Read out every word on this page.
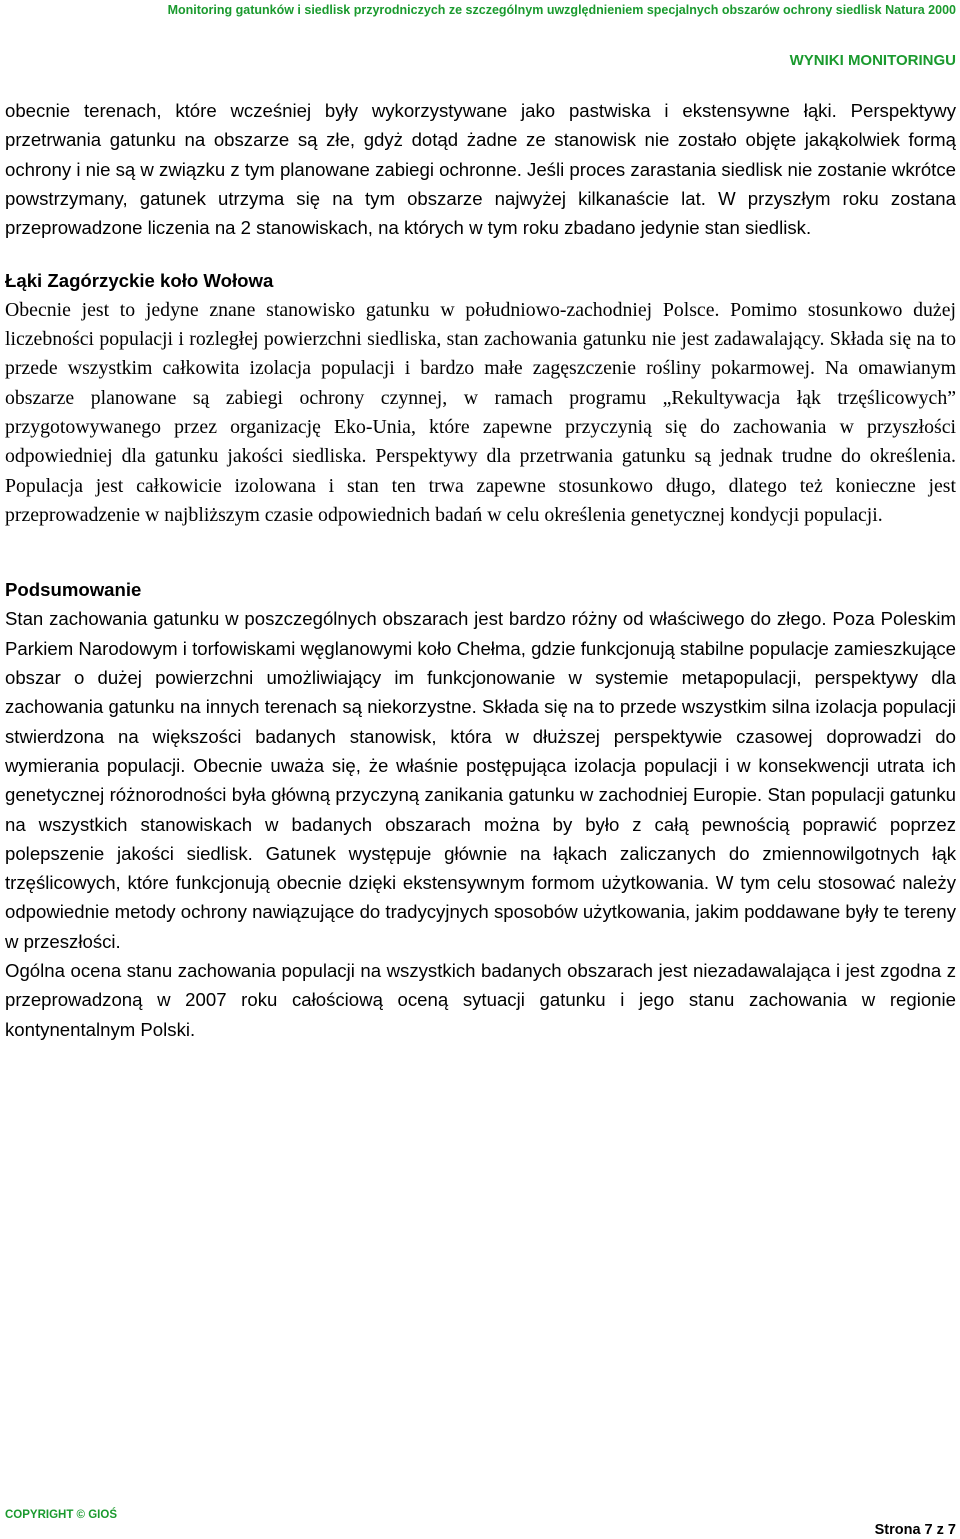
Monitoring gatunków i siedlisk przyrodniczych ze szczególnym uwzględnieniem specjalnych obszarów ochrony siedlisk Natura 2000
WYNIKI MONITORINGU

obecnie terenach, które wcześniej były wykorzystywane jako pastwiska i ekstensywne łąki. Perspektywy przetrwania gatunku na obszarze są złe, gdyż dotąd żadne ze stanowisk nie zostało objęte jakąkolwiek formą ochrony i nie są w związku z tym planowane zabiegi ochronne. Jeśli proces zarastania siedlisk nie zostanie wkrótce powstrzymany, gatunek utrzyma się na tym obszarze najwyżej kilkanaście lat. W przyszłym roku zostana przeprowadzone liczenia na 2 stanowiskach, na których w tym roku zbadano jedynie stan siedlisk.

Łąki Zagórzyckie koło Wołowa

Obecnie jest to jedyne znane stanowisko gatunku w południowo-zachodniej Polsce. Pomimo stosunkowo dużej liczebności populacji i rozległej powierzchni siedliska, stan zachowania gatunku nie jest zadawalający. Składa się na to przede wszystkim całkowita izolacja populacji i bardzo małe zagęszczenie rośliny pokarmowej. Na omawianym obszarze planowane są zabiegi ochrony czynnej, w ramach programu „Rekultywacja łąk trzęślicowych” przygotowywanego przez organizację Eko-Unia, które zapewne przyczynią się do zachowania w przyszłości odpowiedniej dla gatunku jakości siedliska. Perspektywy dla przetrwania gatunku są jednak trudne do określenia. Populacja jest całkowicie izolowana i stan ten trwa zapewne stosunkowo długo, dlatego też konieczne jest przeprowadzenie w najbliższym czasie odpowiednich badań w celu określenia genetycznej kondycji populacji.

Podsumowanie

Stan zachowania gatunku w poszczególnych obszarach jest bardzo różny od właściwego do złego. Poza Poleskim Parkiem Narodowym i torfowiskami węglanowymi koło Chełma, gdzie funkcjonują stabilne populacje zamieszkujące obszar o dużej powierzchni umożliwiający im funkcjonowanie w systemie metapopulacji, perspektywy dla zachowania gatunku na innych terenach są niekorzystne. Składa się na to przede wszystkim silna izolacja populacji stwierdzona na większości badanych stanowisk, która w dłuższej perspektywie czasowej doprowadzi do wymierania populacji. Obecnie uważa się, że właśnie postępująca izolacja populacji i w konsekwencji utrata ich genetycznej różnorodności była główną przyczyną zanikania gatunku w zachodniej Europie. Stan populacji gatunku na wszystkich stanowiskach w badanych obszarach można by było z całą pewnością poprawić poprzez polepszenie jakości siedlisk. Gatunek występuje głównie na łąkach zaliczanych do zmiennowilgotnych łąk trzęślicowych, które funkcjonują obecnie dzięki ekstensywnym formom użytkowania. W tym celu stosować należy odpowiednie metody ochrony nawiązujące do tradycyjnych sposobów użytkowania, jakim poddawane były te tereny w przeszłości.

Ogólna ocena stanu zachowania populacji na wszystkich badanych obszarach jest niezadawalająca i jest zgodna z przeprowadzoną w 2007 roku całościową oceną sytuacji gatunku i jego stanu zachowania w regionie kontynentalnym Polski.

COPYRIGHT © GIOŚ
Strona 7 z 7
